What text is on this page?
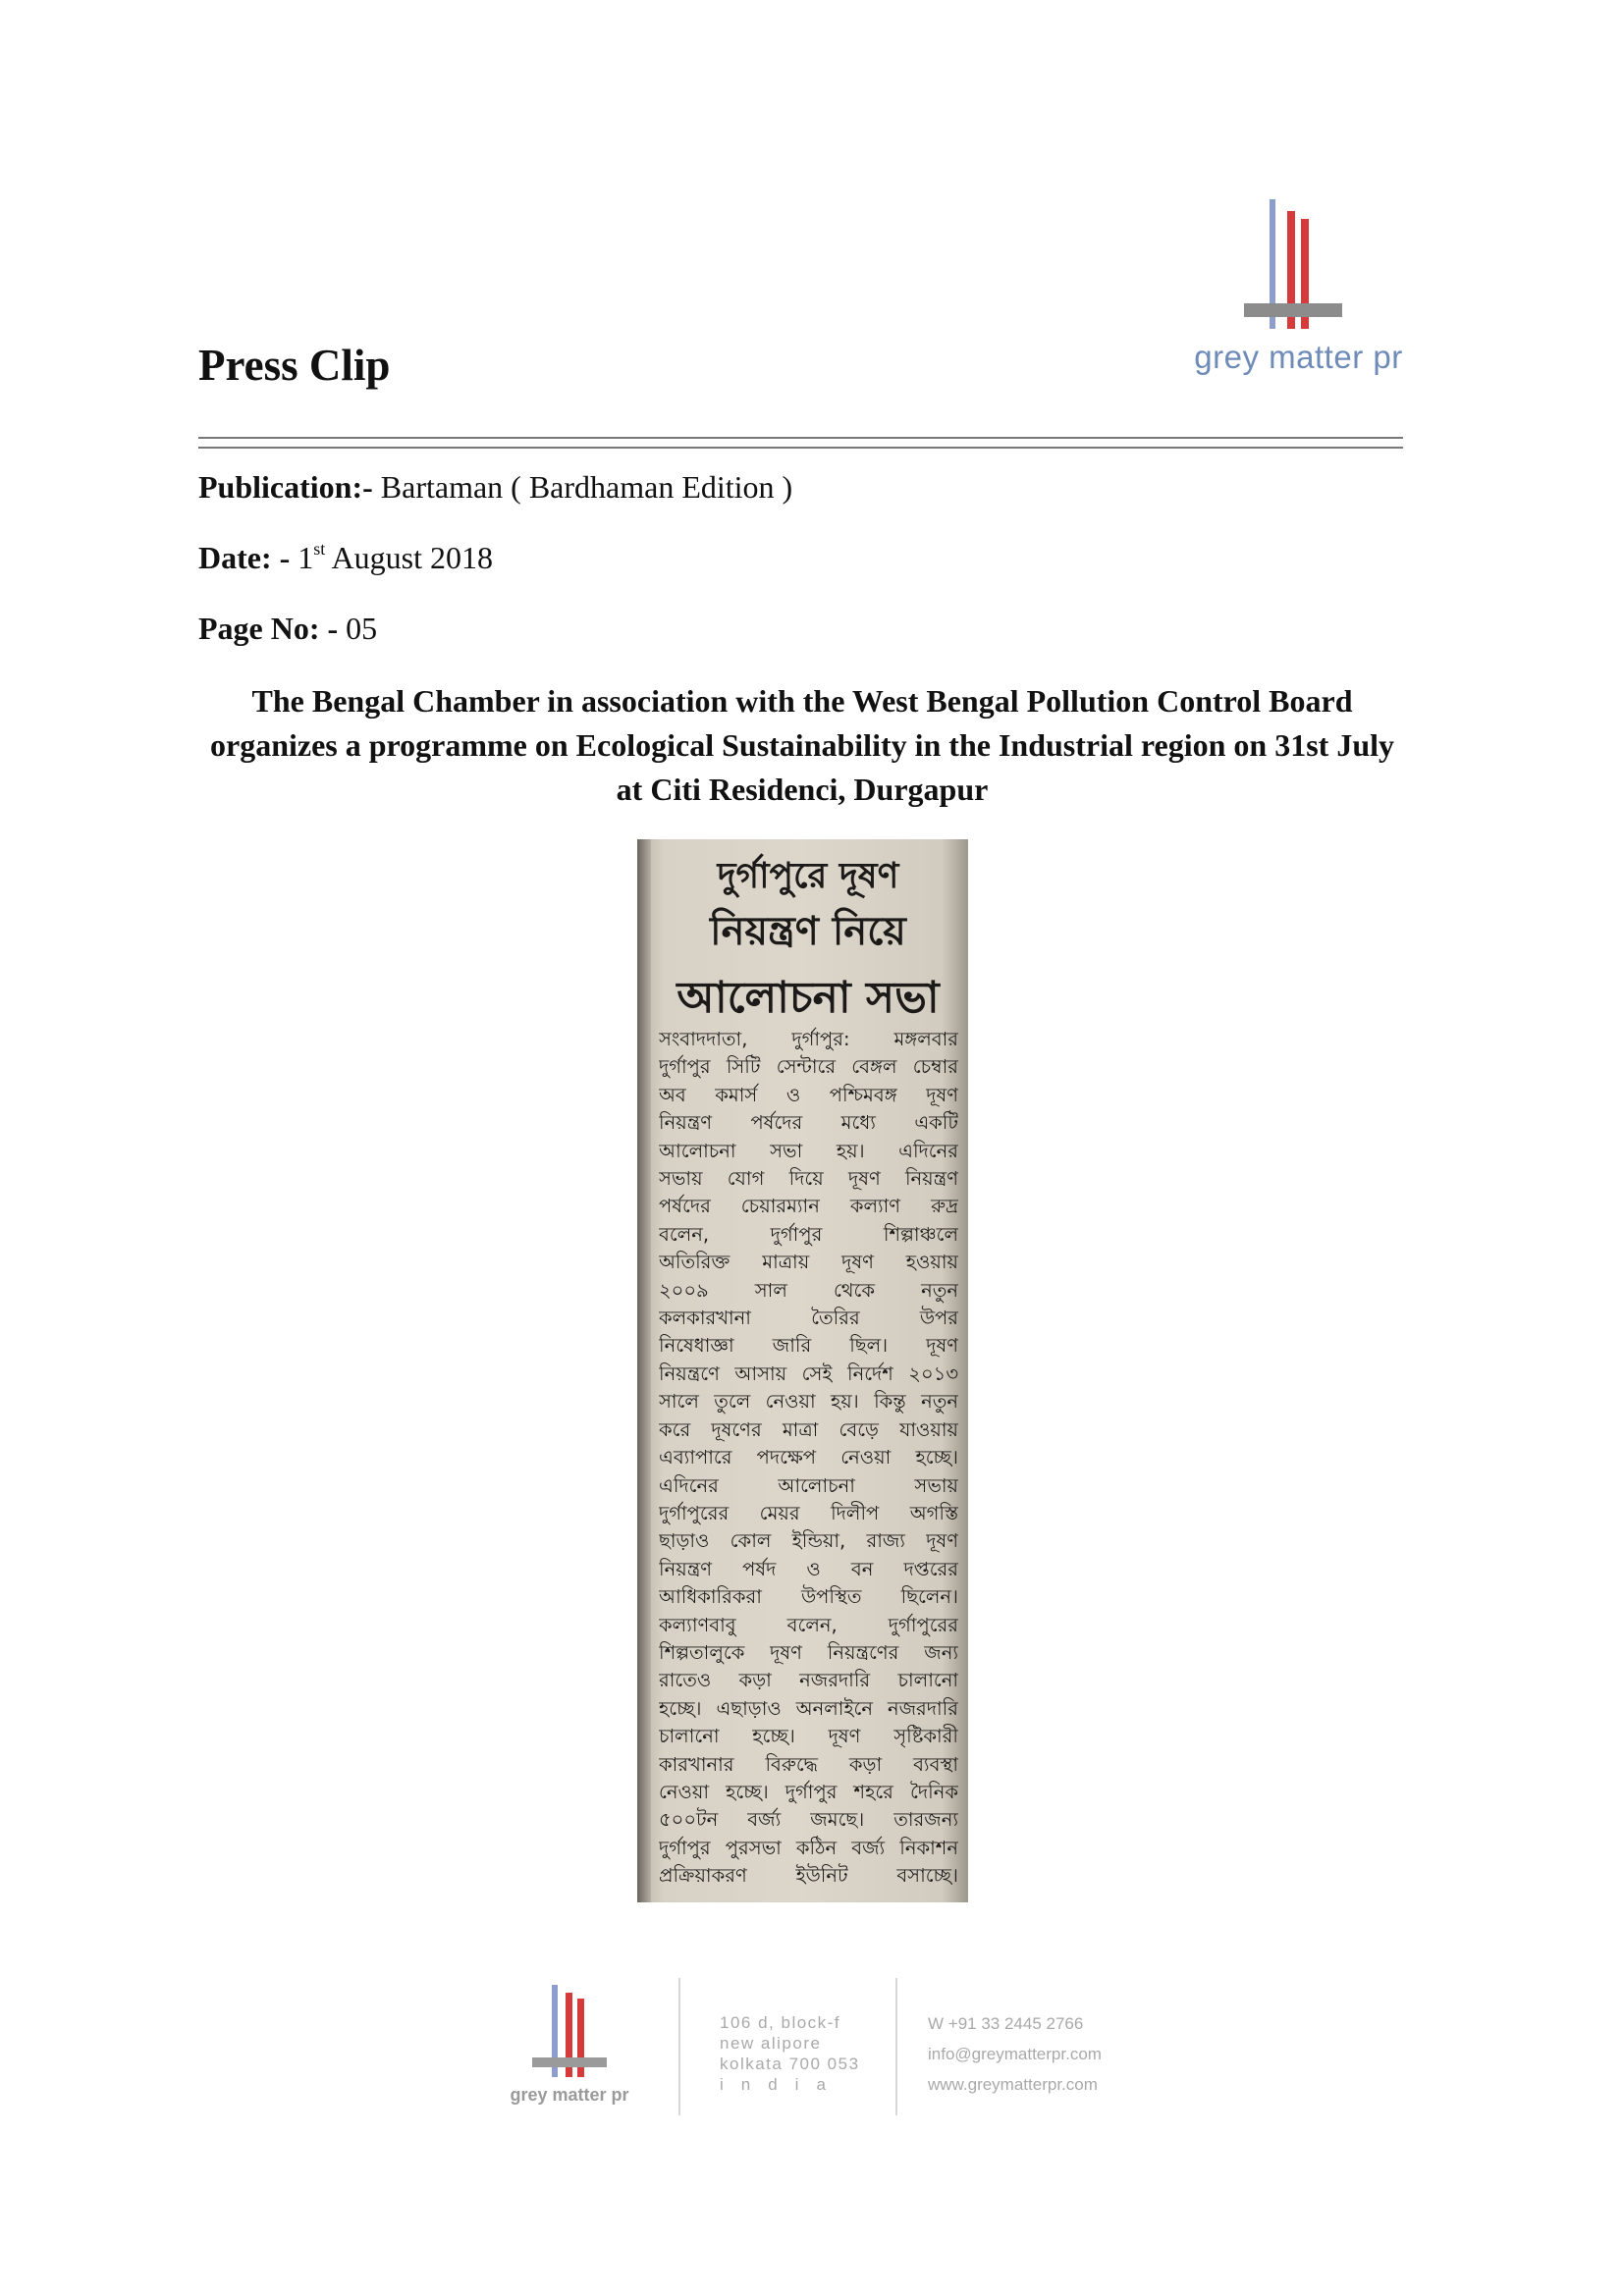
grey matter pr
Press Clip
Publication:- Bartaman ( Bardhaman Edition )
Date: - 1st August 2018
Page No: - 05

The Bengal Chamber in association with the West Bengal Pollution Control Board organizes a programme on Ecological Sustainability in the Industrial region on 31st July at Citi Residenci, Durgapur

দুর্গাপুরে দূষণ

নিয়ন্ত্রণ নিয়ে

আলোচনা সভা

সংবাদদাতা, দুর্গাপুর: মঙ্গলবার
দুর্গাপুর সিটি সেন্টারে বেঙ্গল চেম্বার
অব কমার্স ও পশ্চিমবঙ্গ দূষণ
নিয়ন্ত্রণ পর্ষদের মধ্যে একটি
আলোচনা সভা হয়। এদিনের
সভায় যোগ দিয়ে দূষণ নিয়ন্ত্রণ
পর্ষদের চেয়ারম্যান কল্যাণ রুদ্র
বলেন, দুর্গাপুর শিল্পাঞ্চলে
অতিরিক্ত মাত্রায় দূষণ হওয়ায়
২০০৯ সাল থেকে নতুন
কলকারখানা তৈরির উপর
নিষেধাজ্ঞা জারি ছিল। দূষণ
নিয়ন্ত্রণে আসায় সেই নির্দেশ ২০১৩
সালে তুলে নেওয়া হয়। কিন্তু নতুন
করে দূষণের মাত্রা বেড়ে যাওয়ায়
এব্যাপারে পদক্ষেপ নেওয়া হচ্ছে।
এদিনের আলোচনা সভায়
দুর্গাপুরের মেয়র দিলীপ অগস্তি
ছাড়াও কোল ইন্ডিয়া, রাজ্য দূষণ
নিয়ন্ত্রণ পর্ষদ ও বন দপ্তরের
আধিকারিকরা উপস্থিত ছিলেন।
কল্যাণবাবু বলেন, দুর্গাপুরের
শিল্পতালুকে দূষণ নিয়ন্ত্রণের জন্য
রাতেও কড়া নজরদারি চালানো
হচ্ছে। এছাড়াও অনলাইনে নজরদারি
চালানো হচ্ছে। দূষণ সৃষ্টিকারী
কারখানার বিরুদ্ধে কড়া ব্যবস্থা
নেওয়া হচ্ছে। দুর্গাপুর শহরে দৈনিক
৫০০টন বর্জ্য জমছে। তারজন্য
দুর্গাপুর পুরসভা কঠিন বর্জ্য নিকাশন
প্রক্রিয়াকরণ ইউনিট বসাচ্ছে।

grey matter pr
106 d, block-f
new alipore
kolkata 700 053
india
W +91 33 2445 2766
info@greymatterpr.com
www.greymatterpr.com
